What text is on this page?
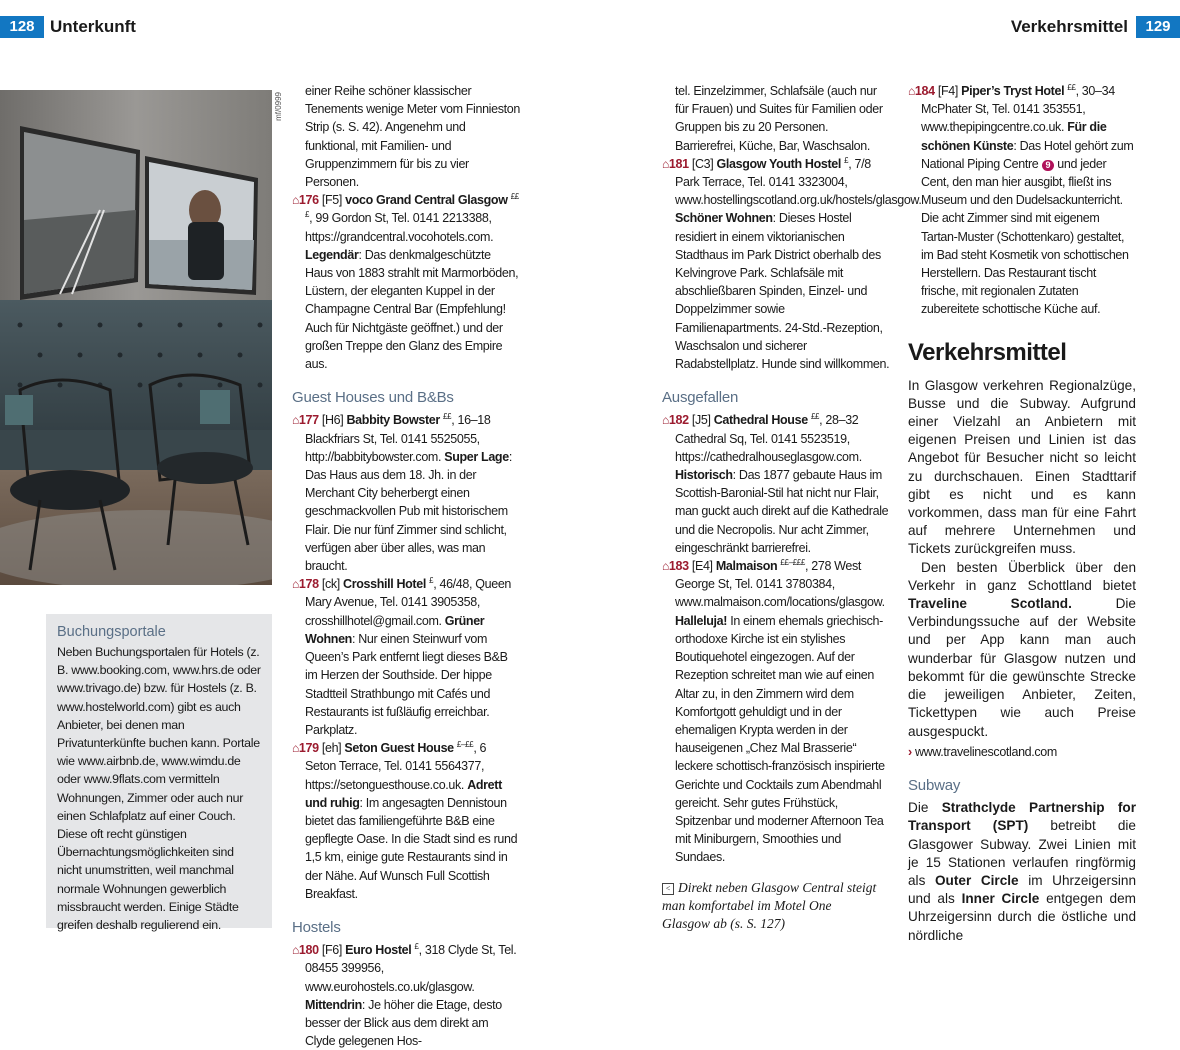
128 Unterkunft	Verkehrsmittel	129
mf/0999
Buchungsportale

Neben Buchungsportalen für Hotels (z. B. www.booking.com, www.hrs.de oder www.trivago.de) bzw. für Hostels (z. B. www.hostelworld.com) gibt es auch Anbieter, bei denen man Privatunterkünfte buchen kann. Portale wie www.airbnb.de, www.wimdu.de oder www.9flats.com vermitteln Wohnungen, Zimmer oder auch nur einen Schlafplatz auf einer Couch. Diese oft recht günstigen Übernachtungsmöglichkeiten sind nicht unumstritten, weil manchmal normale Wohnungen gewerblich missbraucht werden. Einige Städte greifen deshalb regulierend ein.

einer Reihe schöner klassischer Tenements wenige Meter vom Finnieston Strip (s. S. 42). Angenehm und funktional, mit Familien- und Gruppenzimmern für bis zu vier Personen.

⌂176 [F5] voco Grand Central Glasgow £££, 99 Gordon St, Tel. 0141 2213388, https://grandcentral.vocohotels.com. Legendär: Das denkmalgeschützte Haus von 1883 strahlt mit Marmorböden, Lüstern, der eleganten Kuppel in der Champagne Central Bar (Empfehlung! Auch für Nichtgäste geöffnet.) und der großen Treppe den Glanz des Empire aus.

Guest Houses und B&Bs

⌂177 [H6] Babbity Bowster ££, 16–18 Blackfriars St, Tel. 0141 5525055, http://babbitybowster.com. Super Lage: Das Haus aus dem 18. Jh. in der Merchant City beherbergt einen geschmackvollen Pub mit historischem Flair. Die nur fünf Zimmer sind schlicht, verfügen aber über alles, was man braucht.

⌂178 [ck] Crosshill Hotel £, 46/48, Queen Mary Avenue, Tel. 0141 3905358, crosshillhotel@gmail.com. Grüner Wohnen: Nur einen Steinwurf vom Queen’s Park entfernt liegt dieses B&B im Herzen der Southside. Der hippe Stadtteil Strathbungo mit Cafés und Restaurants ist fußläufig erreichbar. Parkplatz.

⌂179 [eh] Seton Guest House £–££, 6 Seton Terrace, Tel. 0141 5564377, https://setonguesthouse.co.uk. Adrett und ruhig: Im angesagten Dennistoun bietet das familiengeführte B&B eine gepflegte Oase. In die Stadt sind es rund 1,5 km, einige gute Restaurants sind in der Nähe. Auf Wunsch Full Scottish Breakfast.

Hostels

⌂180 [F6] Euro Hostel £, 318 Clyde St, Tel. 08455 399956, www.eurohostels.co.uk/glasgow. Mittendrin: Je höher die Etage, desto besser der Blick aus dem direkt am Clyde gelegenen Hos-

tel. Einzelzimmer, Schlafsäle (auch nur für Frauen) und Suites für Familien oder Gruppen bis zu 20 Personen. Barrierefrei, Küche, Bar, Waschsalon.

⌂181 [C3] Glasgow Youth Hostel £, 7/8 Park Terrace, Tel. 0141 3323004, www.hostellingscotland.org.uk/hostels/glasgow. Schöner Wohnen: Dieses Hostel residiert in einem viktorianischen Stadthaus im Park District oberhalb des Kelvingrove Park. Schlafsäle mit abschließbaren Spinden, Einzel- und Doppelzimmer sowie Familienapartments. 24-Std.-Rezeption, Waschsalon und sicherer Radabstellplatz. Hunde sind willkommen.

Ausgefallen

⌂182 [J5] Cathedral House ££, 28–32 Cathedral Sq, Tel. 0141 5523519, https://cathedralhouseglasgow.com. Historisch: Das 1877 gebaute Haus im Scottish-Baronial-Stil hat nicht nur Flair, man guckt auch direkt auf die Kathedrale und die Necropolis. Nur acht Zimmer, eingeschränkt barrierefrei.

⌂183 [E4] Malmaison ££–£££, 278 West George St, Tel. 0141 3780384, www.malmaison.com/locations/glasgow. Halleluja! In einem ehemals griechisch-orthodoxe Kirche ist ein stylishes Boutiquehotel eingezogen. Auf der Rezeption schreitet man wie auf einen Altar zu, in den Zimmern wird dem Komfortgott gehuldigt und in der ehemaligen Krypta werden in der hauseigenen „Chez Mal Brasserie“ leckere schottisch-französisch inspirierte Gerichte und Cocktails zum Abendmahl gereicht. Sehr gutes Frühstück, Spitzenbar und moderner Afternoon Tea mit Miniburgern, Smoothies und Sundaes.

< Direkt neben Glasgow Central steigt man komfortabel im Motel One Glasgow ab (s. S. 127)

⌂184 [F4] Piper’s Tryst Hotel ££, 30–34 McPhater St, Tel. 0141 353551, www.thepipingcentre.co.uk. Für die schönen Künste: Das Hotel gehört zum National Piping Centre 9 und jeder Cent, den man hier ausgibt, fließt ins Museum und den Dudelsackunterricht. Die acht Zimmer sind mit eigenem Tartan-Muster (Schottenkaro) gestaltet, im Bad steht Kosmetik von schottischen Herstellern. Das Restaurant tischt frische, mit regionalen Zutaten zubereitete schottische Küche auf.

Verkehrsmittel

In Glasgow verkehren Regionalzüge, Busse und die Subway. Aufgrund einer Vielzahl an Anbietern mit eigenen Preisen und Linien ist das Angebot für Besucher nicht so leicht zu durchschauen. Einen Stadttarif gibt es nicht und es kann vorkommen, dass man für eine Fahrt auf mehrere Unternehmen und Tickets zurückgreifen muss.

Den besten Überblick über den Verkehr in ganz Schottland bietet Traveline Scotland. Die Verbindungssuche auf der Website und per App kann man auch wunderbar für Glasgow nutzen und bekommt für die gewünschte Strecke die jeweiligen Anbieter, Zeiten, Tickettypen wie auch Preise ausgespuckt.

› www.travelinescotland.com

Subway

Die Strathclyde Partnership for Transport (SPT) betreibt die Glasgower Subway. Zwei Linien mit je 15 Stationen verlaufen ringförmig als Outer Circle im Uhrzeigersinn und als Inner Circle entgegen dem Uhrzeigersinn durch die östliche und nördliche
